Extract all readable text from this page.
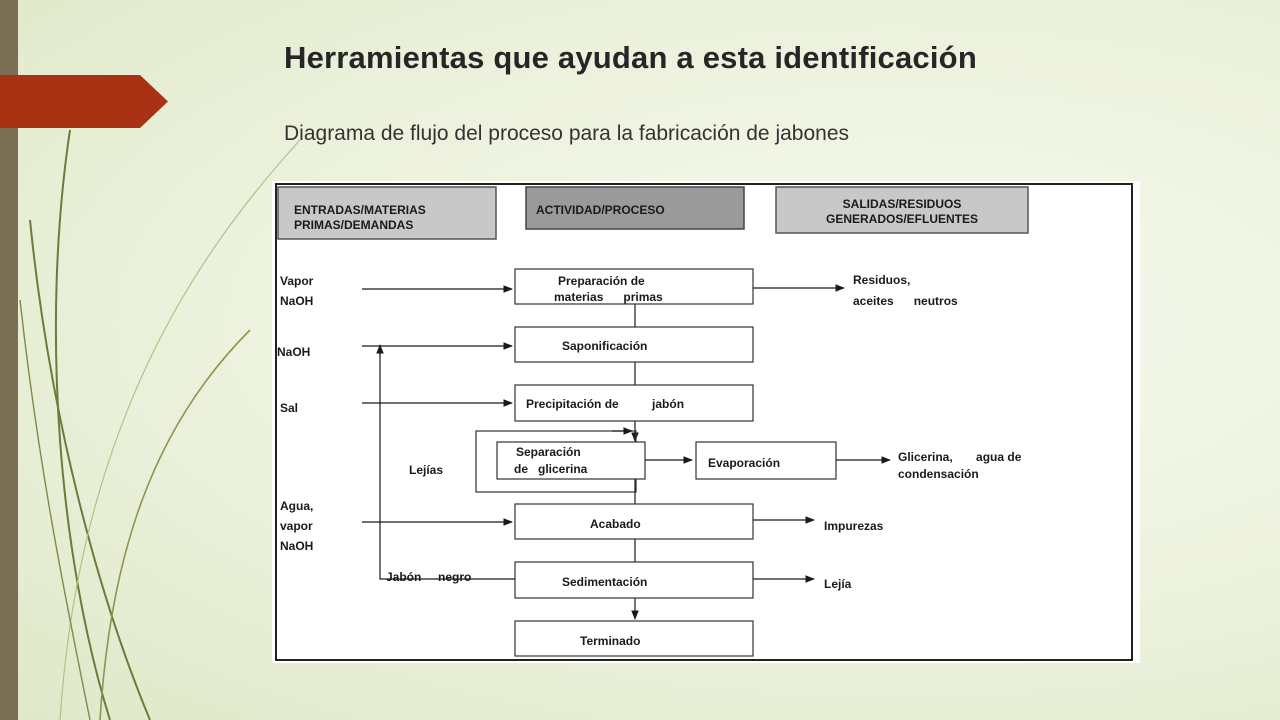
Herramientas que ayudan a esta identificación

Diagrama de flujo del proceso para la fabricación de jabones

ENTRADAS/MATERIAS
PRIMAS/DEMANDAS
ACTIVIDAD/PROCESO	SALIDAS/RESIDUOS
GENERADOS/EFLUENTES
Preparación de
materias      primas
Saponificación
Precipitación de          jabón
Separación
de   glicerina	Evaporación
Acabado
Sedimentación
Terminado
Vapor
NaOH
NaOH
Sal
Lejías
Agua,
vapor
NaOH
Jabón     negro
Residuos,
aceites      neutros
Glicerina,       agua de
condensación
Impurezas
Lejía
